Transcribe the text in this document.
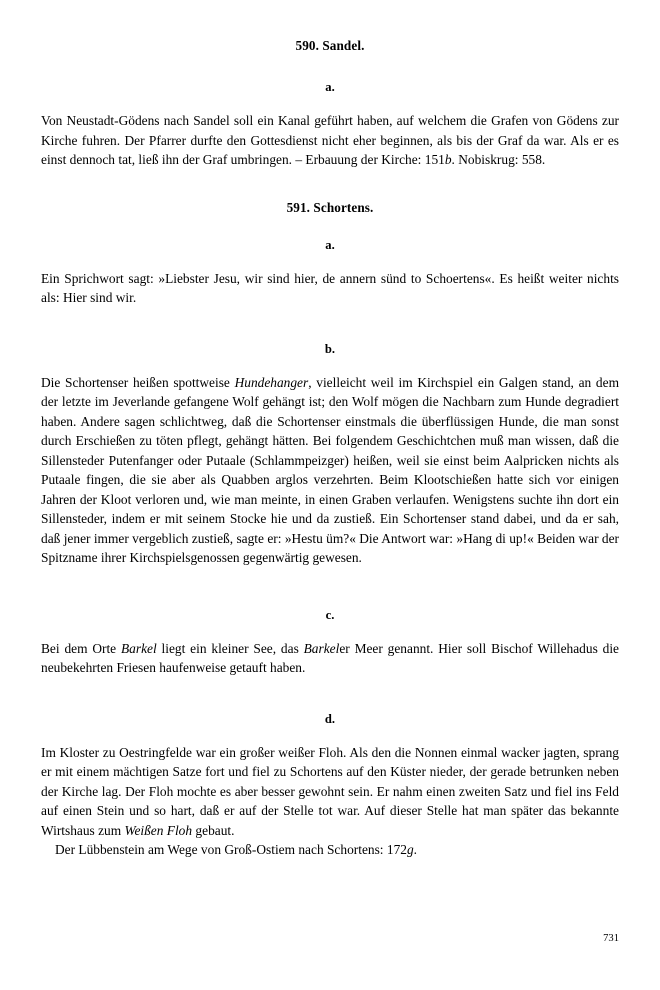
590. Sandel.
a.

Von Neustadt-Gödens nach Sandel soll ein Kanal geführt haben, auf welchem die Grafen von Gödens zur Kirche fuhren. Der Pfarrer durfte den Gottesdienst nicht eher beginnen, als bis der Graf da war. Als er es einst dennoch tat, ließ ihn der Graf umbringen. – Erbauung der Kirche: 151b. Nobiskrug: 558.

591. Schortens.
a.

Ein Sprichwort sagt: »Liebster Jesu, wir sind hier, de annern sünd to Schoertens«. Es heißt weiter nichts als: Hier sind wir.

b.

Die Schortenser heißen spottweise Hundehanger, vielleicht weil im Kirchspiel ein Galgen stand, an dem der letzte im Jeverlande gefangene Wolf gehängt ist; den Wolf mögen die Nachbarn zum Hunde degradiert haben. Andere sagen schlichtweg, daß die Schortenser einstmals die überflüssigen Hunde, die man sonst durch Erschießen zu töten pflegt, gehängt hätten. Bei folgendem Geschichtchen muß man wissen, daß die Sillensteder Putenfanger oder Putaale (Schlammpeizger) heißen, weil sie einst beim Aalpricken nichts als Putaale fingen, die sie aber als Quabben arglos verzehrten. Beim Klootschießen hatte sich vor einigen Jahren der Kloot verloren und, wie man meinte, in einen Graben verlaufen. Wenigstens suchte ihn dort ein Sillensteder, indem er mit seinem Stocke hie und da zustieß. Ein Schortenser stand dabei, und da er sah, daß jener immer vergeblich zustieß, sagte er: »Hestu üm?« Die Antwort war: »Hang di up!« Beiden war der Spitzname ihrer Kirchspielsgenossen gegenwärtig gewesen.

c.

Bei dem Orte Barkel liegt ein kleiner See, das Barkeler Meer genannt. Hier soll Bischof Willehadus die neubekehrten Friesen haufenweise getauft haben.

d.

Im Kloster zu Oestringfelde war ein großer weißer Floh. Als den die Nonnen einmal wacker jagten, sprang er mit einem mächtigen Satze fort und fiel zu Schortens auf den Küster nieder, der gerade betrunken neben der Kirche lag. Der Floh mochte es aber besser gewohnt sein. Er nahm einen zweiten Satz und fiel ins Feld auf einen Stein und so hart, daß er auf der Stelle tot war. Auf dieser Stelle hat man später das bekannte Wirtshaus zum Weißen Floh gebaut.

Der Lübbenstein am Wege von Groß-Ostiem nach Schortens: 172g.

731
